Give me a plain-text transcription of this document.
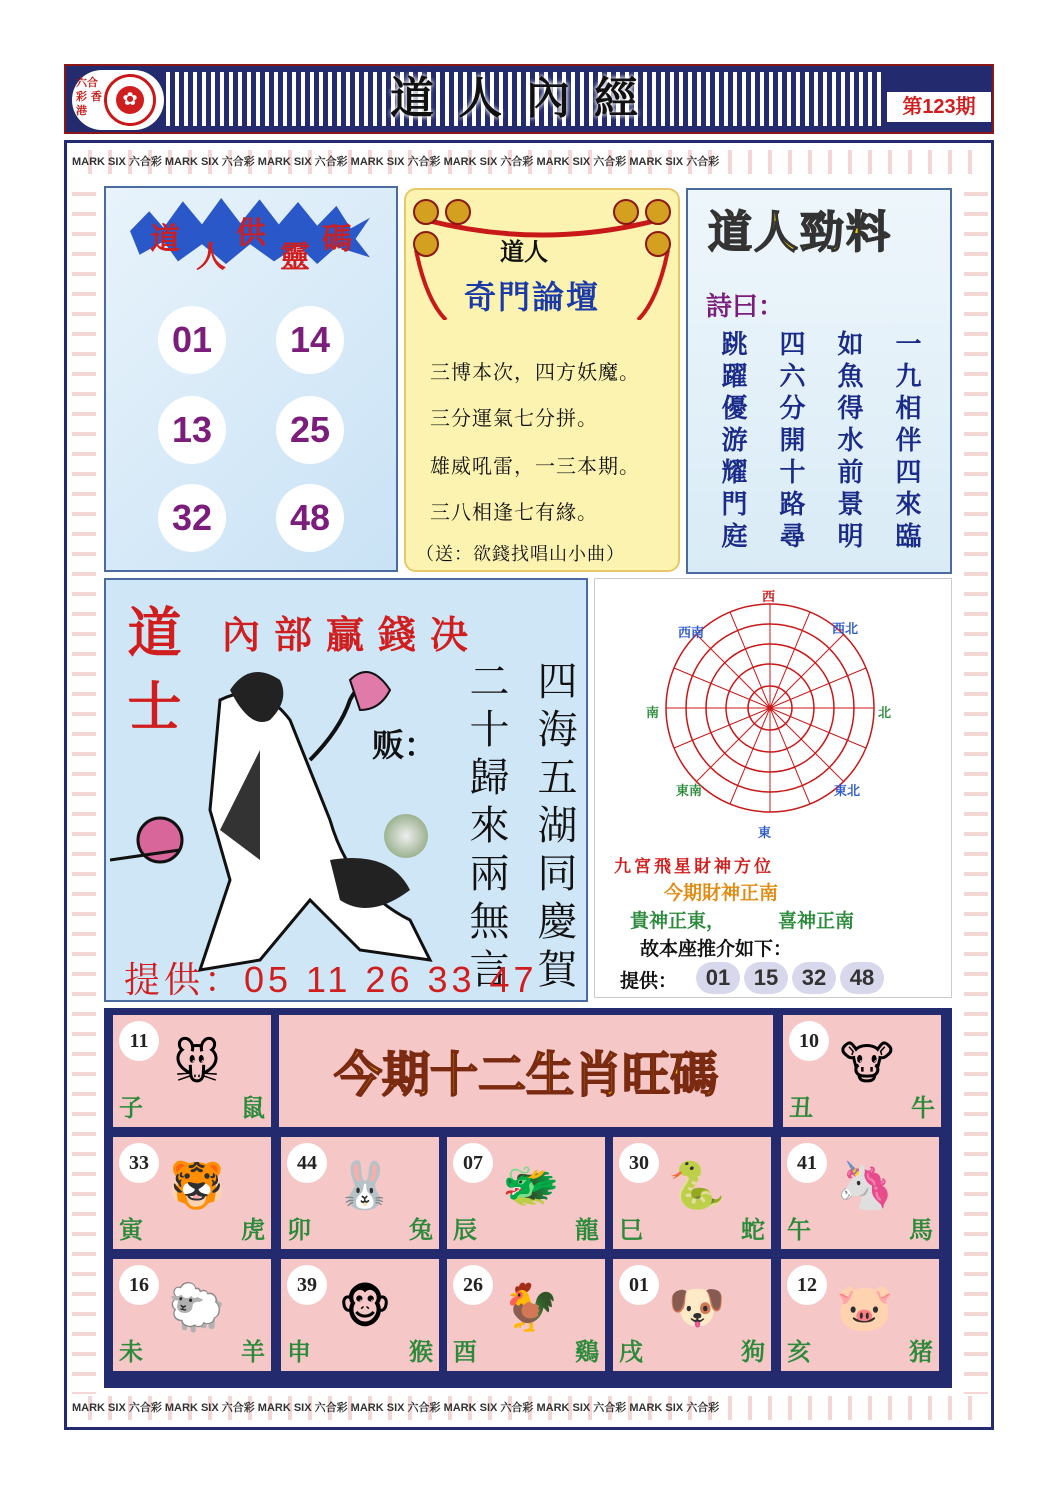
道人內經
六合彩 香港
✿	第123期
MARK SIX 六合彩 MARK SIX 六合彩 MARK SIX 六合彩 MARK SIX 六合彩 MARK SIX 六合彩 MARK SIX 六合彩 MARK SIX 六合彩
MARK SIX 六合彩 MARK SIX 六合彩 MARK SIX 六合彩 MARK SIX 六合彩 MARK SIX 六合彩 MARK SIX 六合彩 MARK SIX 六合彩
道
人
供
靈
碼
01	14
13	25
32	48
道人
奇門論壇
三博本次，四方妖魔。
三分運氣七分拼。
雄威吼雷，一三本期。
三八相逢七有緣。
（送：欲錢找唱山小曲）
道人勁料
詩曰：
一九相伴四來臨
如魚得水前景明
四六分開十路尋
跳躍優游耀門庭
道士 內部贏錢决
贩： 四海五湖同慶賀
二十歸來兩無言
提供：05 11 26 33 47
西
西北
北
東北
東
東南
南
西南
九宮飛星財神方位
今期財神正南
貴神正東，	喜神正南
故本座推介如下：
提供：	01	15	32	48
今期十二生肖旺碼
11 🐭
子	鼠
10 🐮
丑	牛
33 🐯
寅	虎
44 🐰
卯	兔
07 🐲
辰	龍
30 🐍
巳	蛇
41 🦄
午	馬
16 🐑
未	羊
39 🐵
申	猴
26 🐓
酉	鷄
01 🐶
戌	狗
12 🐷
亥	猪
